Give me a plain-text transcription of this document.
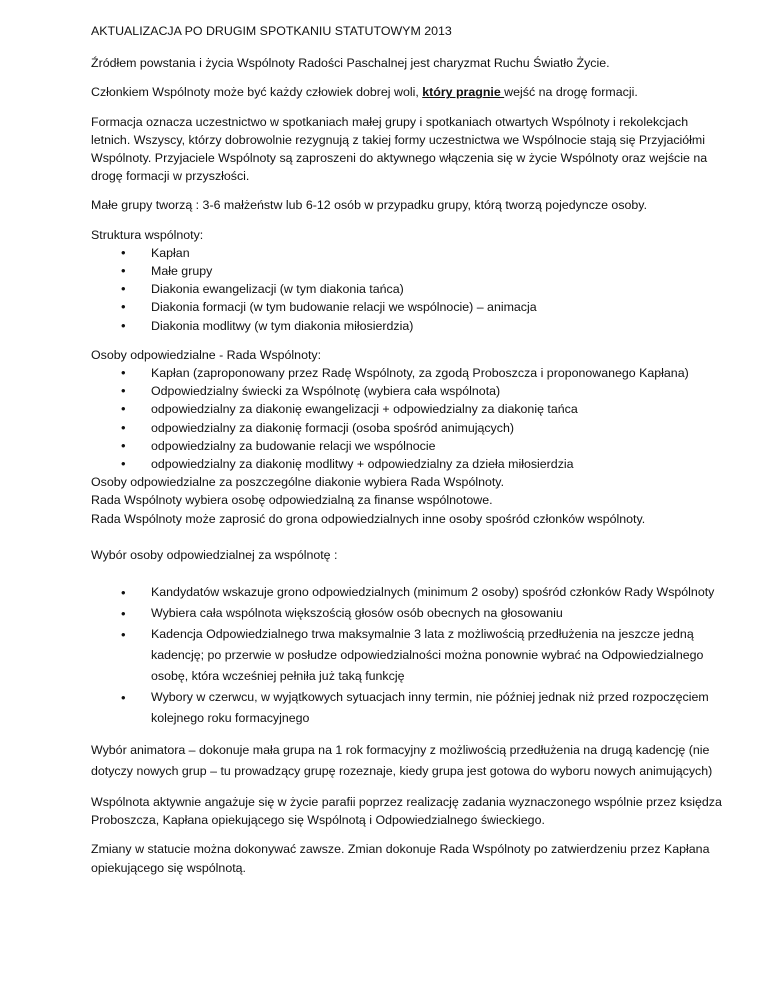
AKTUALIZACJA PO DRUGIM SPOTKANIU STATUTOWYM 2013

Źródłem powstania i życia Wspólnoty Radości Paschalnej jest charyzmat Ruchu Światło Życie.

Członkiem Wspólnoty może być każdy człowiek dobrej woli, który pragnie wejść na drogę formacji.

Formacja oznacza uczestnictwo w spotkaniach małej grupy i spotkaniach otwartych Wspólnoty i rekolekcjach letnich. Wszyscy, którzy dobrowolnie rezygnują z takiej formy uczestnictwa we Wspólnocie stają się Przyjaciółmi Wspólnoty. Przyjaciele Wspólnoty są zaproszeni do aktywnego włączenia się w życie Wspólnoty oraz wejście na drogę formacji w przyszłości.

Małe grupy tworzą : 3-6 małżeństw lub 6-12 osób w przypadku grupy, którą tworzą pojedyncze osoby.

Struktura wspólnoty:
• Kapłan
• Małe grupy
• Diakonia ewangelizacji (w tym diakonia tańca)
• Diakonia formacji (w tym budowanie relacji we wspólnocie) – animacja
• Diakonia modlitwy (w tym diakonia miłosierdzia)
Osoby odpowiedzialne - Rada Wspólnoty:
• Kapłan (zaproponowany przez Radę Wspólnoty, za zgodą Proboszcza i proponowanego Kapłana)
• Odpowiedzialny świecki za Wspólnotę (wybiera cała wspólnota)
• odpowiedzialny za diakonię ewangelizacji + odpowiedzialny za diakonię tańca
• odpowiedzialny za diakonię formacji (osoba spośród animujących)
• odpowiedzialny za budowanie relacji we wspólnocie
• odpowiedzialny za diakonię modlitwy + odpowiedzialny za dzieła miłosierdzia
Osoby odpowiedzialne za poszczególne diakonie wybiera Rada Wspólnoty.
Rada Wspólnoty wybiera osobę odpowiedzialną za finanse wspólnotowe.
Rada Wspólnoty może zaprosić do grona odpowiedzialnych inne osoby spośród członków wspólnoty.
Wybór osoby odpowiedzialnej za wspólnotę :
• Kandydatów wskazuje grono odpowiedzialnych (minimum 2 osoby) spośród członków Rady Wspólnoty
• Wybiera cała wspólnota większością głosów osób obecnych na głosowaniu
• Kadencja Odpowiedzialnego trwa maksymalnie 3 lata z możliwością przedłużenia na jeszcze jedną kadencję; po przerwie w posłudze odpowiedzialności można ponownie wybrać na Odpowiedzialnego osobę, która wcześniej pełniła już taką funkcję
• Wybory w czerwcu, w wyjątkowych sytuacjach inny termin, nie później jednak niż przed rozpoczęciem kolejnego roku formacyjnego

Wybór animatora – dokonuje mała grupa na 1 rok formacyjny z możliwością przedłużenia na drugą kadencję (nie dotyczy nowych grup – tu prowadzący grupę rozeznaje, kiedy grupa jest gotowa do wyboru nowych animujących)

Wspólnota aktywnie angażuje się w życie parafii poprzez realizację zadania wyznaczonego wspólnie przez księdza Proboszcza, Kapłana opiekującego się Wspólnotą i Odpowiedzialnego świeckiego.

Zmiany w statucie można dokonywać zawsze. Zmian dokonuje Rada Wspólnoty po zatwierdzeniu przez Kapłana opiekującego się wspólnotą.
